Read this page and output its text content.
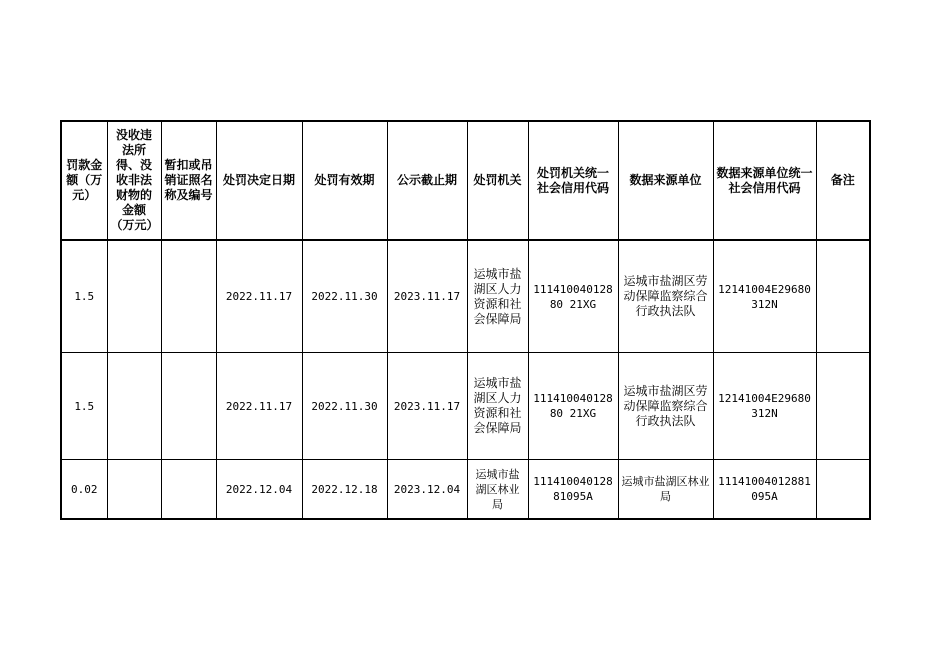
罚款金额（万元）	没收违法所得、没收非法财物的金额（万元）	暂扣或吊销证照名称及编号	处罚决定日期	处罚有效期	公示截止期	处罚机关	处罚机关统一社会信用代码	数据来源单位	数据来源单位统一社会信用代码	备注
1.5			2022.11.17	2022.11.30	2023.11.17	运城市盐湖区人力资源和社会保障局	11141004012880 21XG	运城市盐湖区劳动保障监察综合行政执法队	12141004E29680312N	
1.5			2022.11.17	2022.11.30	2023.11.17	运城市盐湖区人力资源和社会保障局	11141004012880 21XG	运城市盐湖区劳动保障监察综合行政执法队	12141004E29680312N	
0.02			2022.12.04	2022.12.18	2023.12.04	运城市盐湖区林业局	11141004012881095A	运城市盐湖区林业局	11141004012881095A	
